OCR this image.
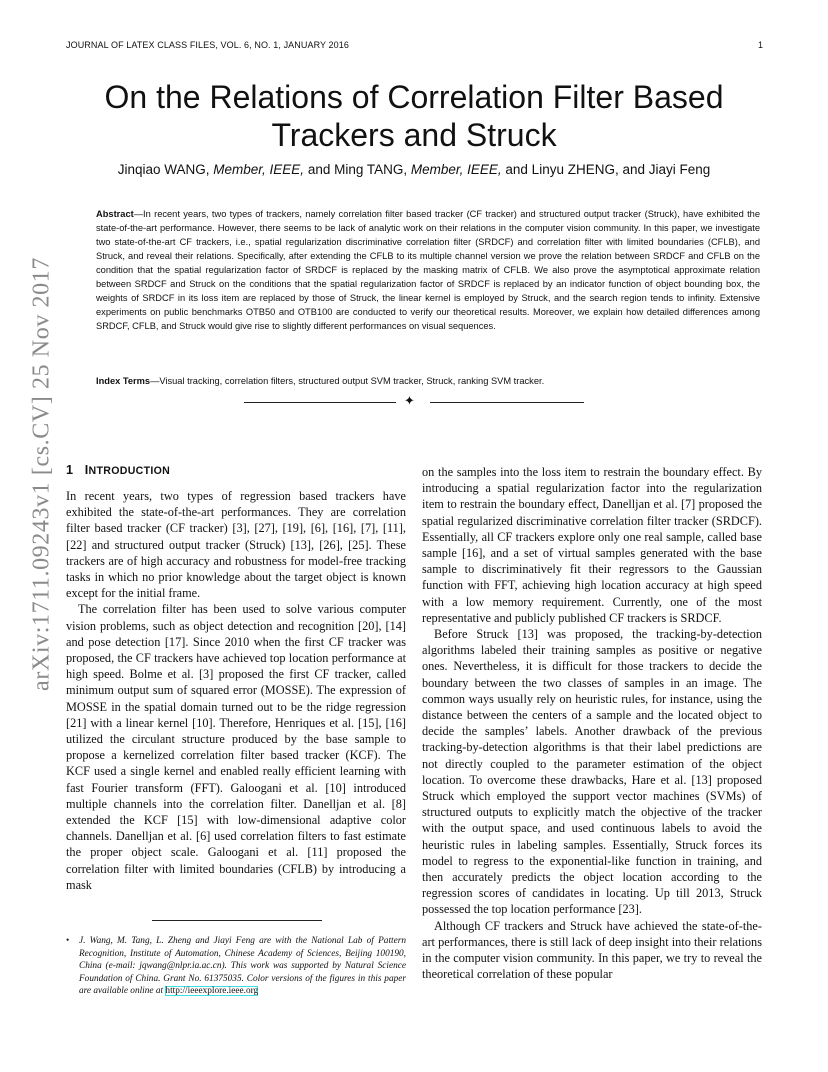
JOURNAL OF LATEX CLASS FILES, VOL. 6, NO. 1, JANUARY 2016	1
arXiv:1711.09243v1 [cs.CV] 25 Nov 2017
On the Relations of Correlation Filter Based Trackers and Struck
Jinqiao WANG, Member, IEEE, and Ming TANG, Member, IEEE, and Linyu ZHENG, and Jiayi Feng
Abstract—In recent years, two types of trackers, namely correlation filter based tracker (CF tracker) and structured output tracker (Struck), have exhibited the state-of-the-art performance. However, there seems to be lack of analytic work on their relations in the computer vision community. In this paper, we investigate two state-of-the-art CF trackers, i.e., spatial regularization discriminative correlation filter (SRDCF) and correlation filter with limited boundaries (CFLB), and Struck, and reveal their relations. Specifically, after extending the CFLB to its multiple channel version we prove the relation between SRDCF and CFLB on the condition that the spatial regularization factor of SRDCF is replaced by the masking matrix of CFLB. We also prove the asymptotical approximate relation between SRDCF and Struck on the conditions that the spatial regularization factor of SRDCF is replaced by an indicator function of object bounding box, the weights of SRDCF in its loss item are replaced by those of Struck, the linear kernel is employed by Struck, and the search region tends to infinity. Extensive experiments on public benchmarks OTB50 and OTB100 are conducted to verify our theoretical results. Moreover, we explain how detailed differences among SRDCF, CFLB, and Struck would give rise to slightly different performances on visual sequences.
Index Terms—Visual tracking, correlation filters, structured output SVM tracker, Struck, ranking SVM tracker.
✦
1 INTRODUCTION

In recent years, two types of regression based trackers have exhibited the state-of-the-art performances. They are correlation filter based tracker (CF tracker) [3], [27], [19], [6], [16], [7], [11], [22] and structured output tracker (Struck) [13], [26], [25]. These trackers are of high accuracy and robustness for model-free tracking tasks in which no prior knowledge about the target object is known except for the initial frame.

The correlation filter has been used to solve various computer vision problems, such as object detection and recognition [20], [14] and pose detection [17]. Since 2010 when the first CF tracker was proposed, the CF trackers have achieved top location performance at high speed. Bolme et al. [3] proposed the first CF tracker, called minimum output sum of squared error (MOSSE). The expression of MOSSE in the spatial domain turned out to be the ridge regression [21] with a linear kernel [10]. Therefore, Henriques et al. [15], [16] utilized the circulant structure produced by the base sample to propose a kernelized correlation filter based tracker (KCF). The KCF used a single kernel and enabled really efficient learning with fast Fourier transform (FFT). Galoogani et al. [10] introduced multiple channels into the correlation filter. Danelljan et al. [8] extended the KCF [15] with low-dimensional adaptive color channels. Danelljan et al. [6] used correlation filters to fast estimate the proper object scale. Galoogani et al. [11] proposed the correlation filter with limited boundaries (CFLB) by introducing a mask

on the samples into the loss item to restrain the boundary effect. By introducing a spatial regularization factor into the regularization item to restrain the boundary effect, Danelljan et al. [7] proposed the spatial regularized discriminative correlation filter tracker (SRDCF). Essentially, all CF trackers explore only one real sample, called base sample [16], and a set of virtual samples generated with the base sample to discriminatively fit their regressors to the Gaussian function with FFT, achieving high location accuracy at high speed with a low memory requirement. Currently, one of the most representative and publicly published CF trackers is SRDCF.

Before Struck [13] was proposed, the tracking-by-detection algorithms labeled their training samples as positive or negative ones. Nevertheless, it is difficult for those trackers to decide the boundary between the two classes of samples in an image. The common ways usually rely on heuristic rules, for instance, using the distance between the centers of a sample and the located object to decide the samples’ labels. Another drawback of the previous tracking-by-detection algorithms is that their label predictions are not directly coupled to the parameter estimation of the object location. To overcome these drawbacks, Hare et al. [13] proposed Struck which employed the support vector machines (SVMs) of structured outputs to explicitly match the objective of the tracker with the output space, and used continuous labels to avoid the heuristic rules in labeling samples. Essentially, Struck forces its model to regress to the exponential-like function in training, and then accurately predicts the object location according to the regression scores of candidates in locating. Up till 2013, Struck possessed the top location performance [23].

Although CF trackers and Struck have achieved the state-of-the-art performances, there is still lack of deep insight into their relations in the computer vision community. In this paper, we try to reveal the theoretical correlation of these popular

• J. Wang, M. Tang, L. Zheng and Jiayi Feng are with the National Lab of Pattern Recognition, Institute of Automation, Chinese Academy of Sciences, Beijing 100190, China (e-mail: jqwang@nlpr.ia.ac.cn). This work was supported by Natural Science Foundation of China. Grant No. 61375035. Color versions of the figures in this paper are available online at http://ieeexplore.ieee.org
